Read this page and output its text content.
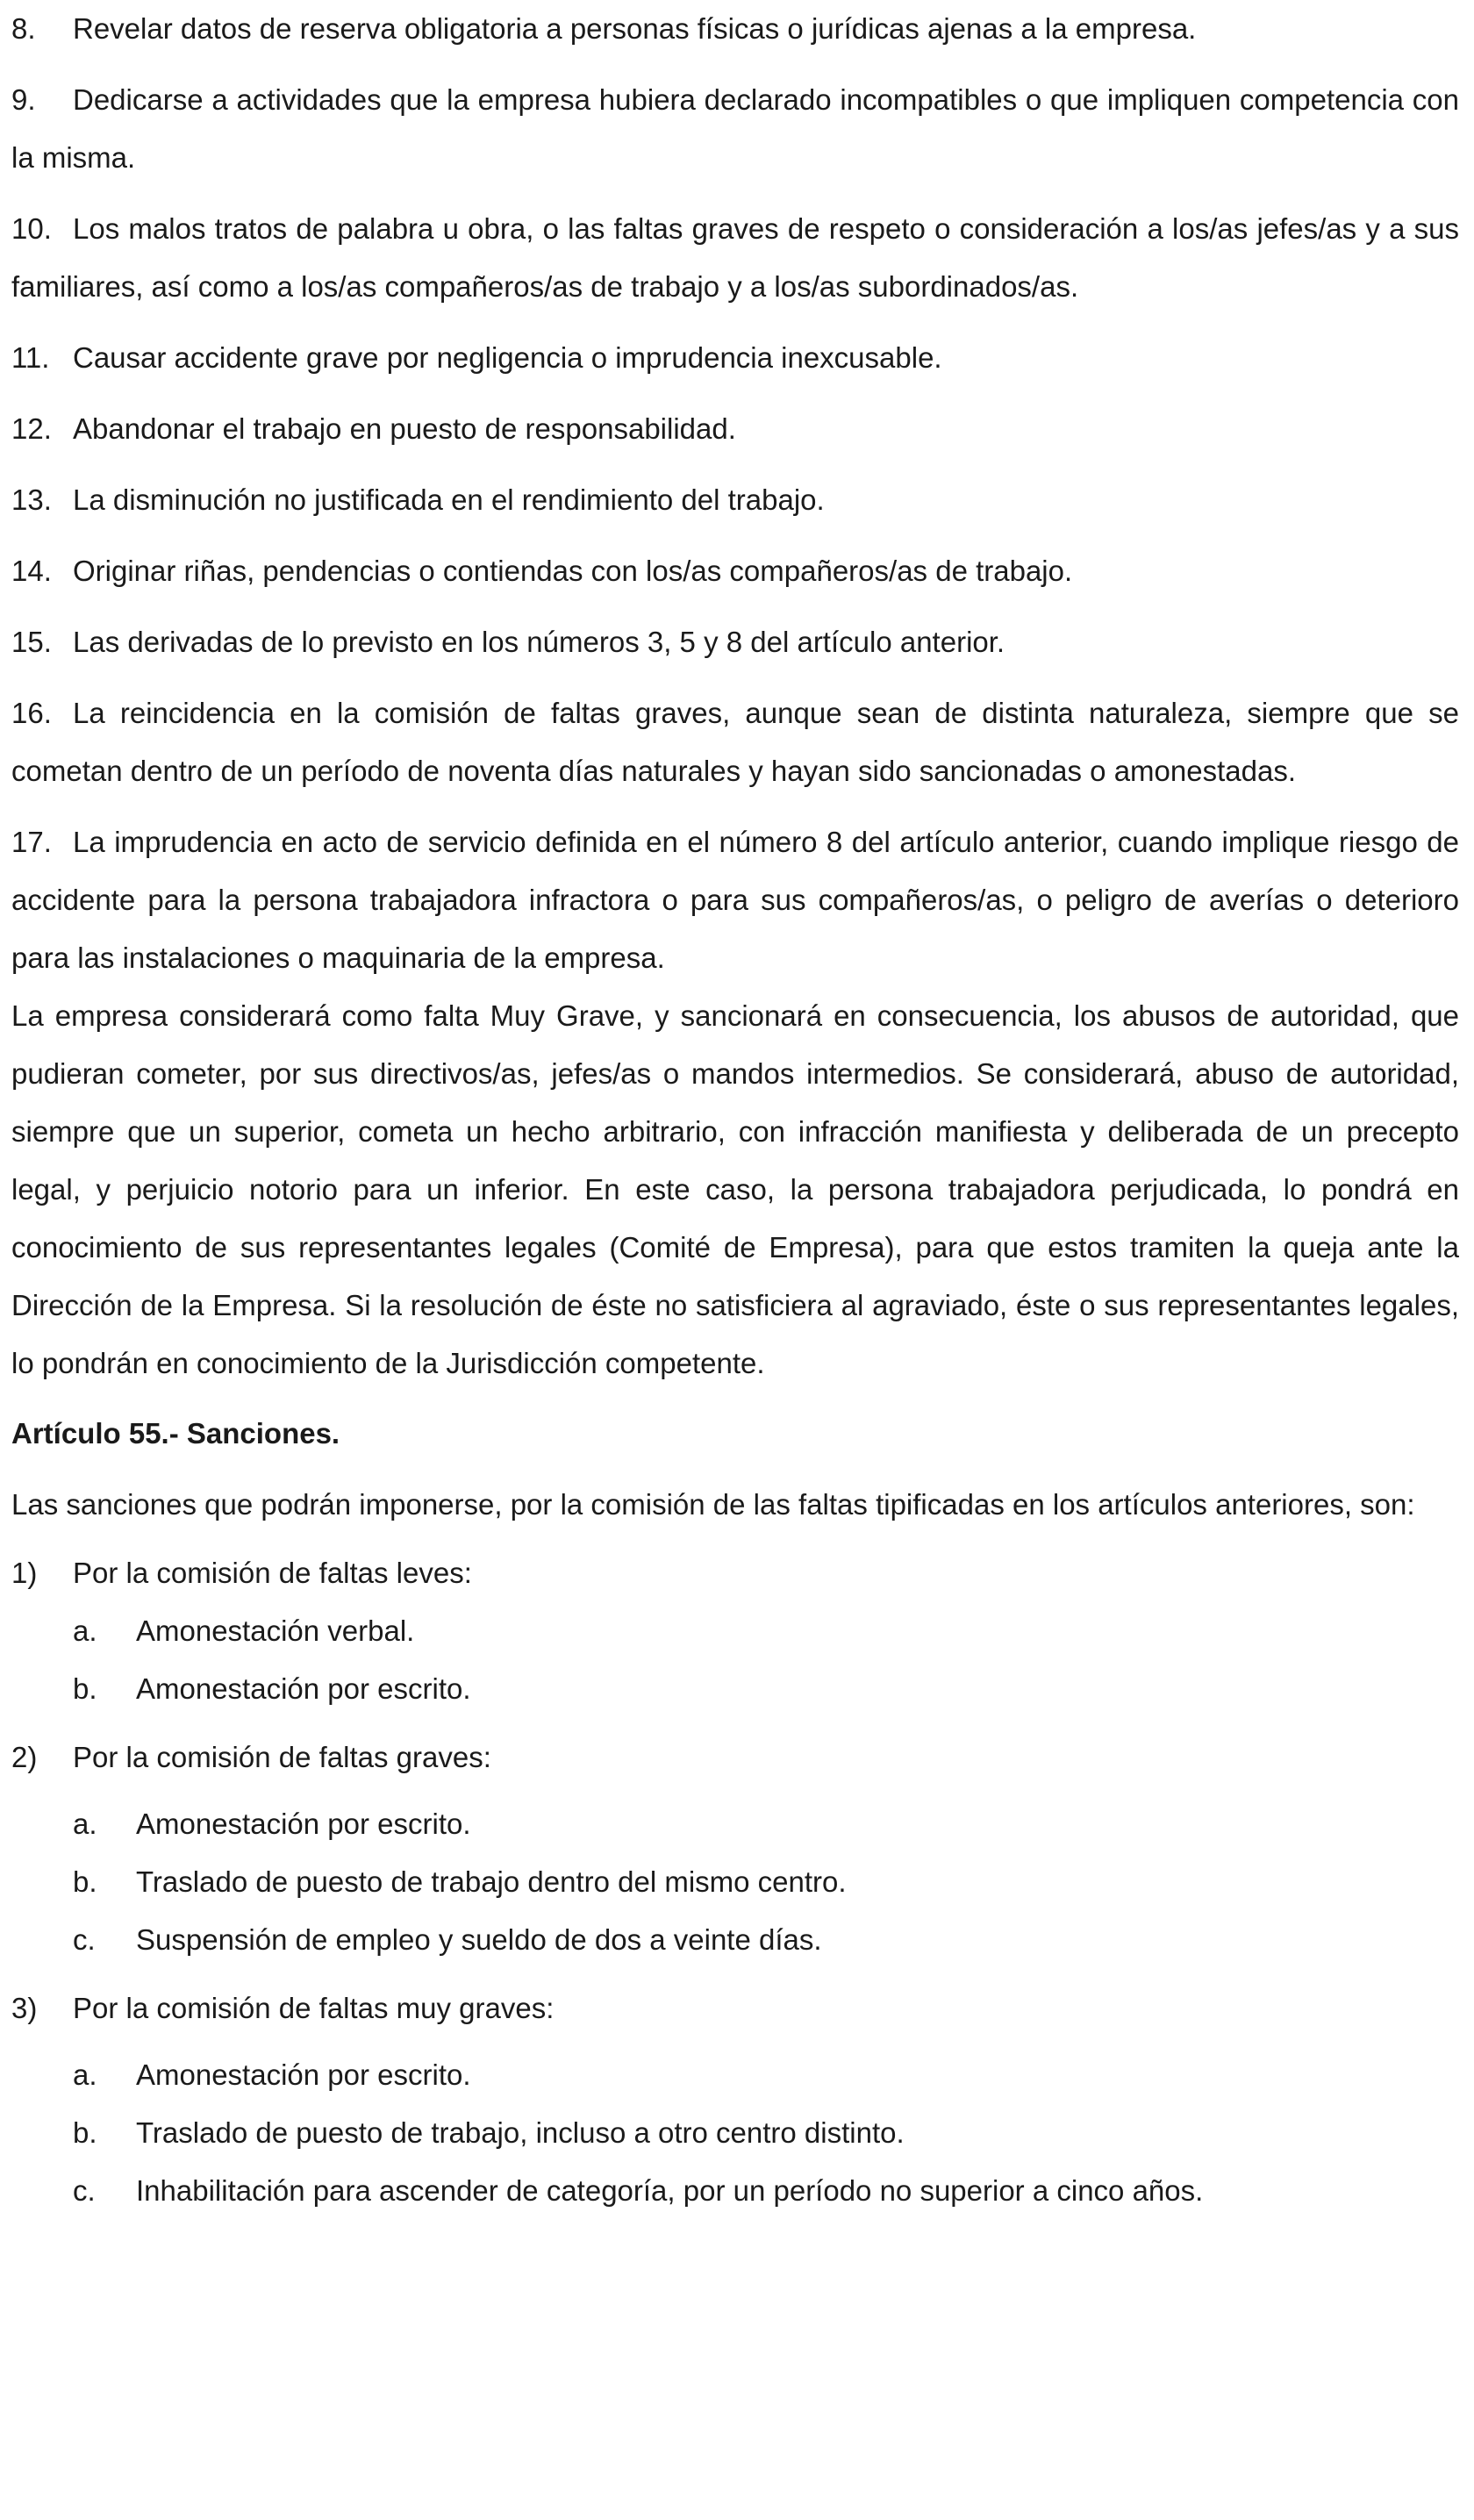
8. Revelar datos de reserva obligatoria a personas físicas o jurídicas ajenas a la empresa.

9. Dedicarse a actividades que la empresa hubiera declarado incompatibles o que impliquen competencia con la misma.

10. Los malos tratos de palabra u obra, o las faltas graves de respeto o consideración a los/as jefes/as y a sus familiares, así como a los/as compañeros/as de trabajo y a los/as subordinados/as.

11. Causar accidente grave por negligencia o imprudencia inexcusable.

12. Abandonar el trabajo en puesto de responsabilidad.

13. La disminución no justificada en el rendimiento del trabajo.

14. Originar riñas, pendencias o contiendas con los/as compañeros/as de trabajo.

15. Las derivadas de lo previsto en los números 3, 5 y 8 del artículo anterior.

16. La reincidencia en la comisión de faltas graves, aunque sean de distinta naturaleza, siempre que se cometan dentro de un período de noventa días naturales y hayan sido sancionadas o amonestadas.

17. La imprudencia en acto de servicio definida en el número 8 del artículo anterior, cuando implique riesgo de accidente para la persona trabajadora infractora o para sus compañeros/as, o peligro de averías o deterioro para las instalaciones o maquinaria de la empresa.

La empresa considerará como falta Muy Grave, y sancionará en consecuencia, los abusos de autoridad, que pudieran cometer, por sus directivos/as, jefes/as o mandos intermedios. Se considerará, abuso de autoridad, siempre que un superior, cometa un hecho arbitrario, con infracción manifiesta y deliberada de un precepto legal, y perjuicio notorio para un inferior. En este caso, la persona trabajadora perjudicada, lo pondrá en conocimiento de sus representantes legales (Comité de Empresa), para que estos tramiten la queja ante la Dirección de la Empresa. Si la resolución de éste no satisficiera al agraviado, éste o sus representantes legales, lo pondrán en conocimiento de la Jurisdicción competente.

Artículo 55.- Sanciones.

Las sanciones que podrán imponerse, por la comisión de las faltas tipificadas en los artículos anteriores, son:

1) Por la comisión de faltas leves:
a. Amonestación verbal.
b. Amonestación por escrito.
2) Por la comisión de faltas graves:
a. Amonestación por escrito.
b. Traslado de puesto de trabajo dentro del mismo centro.
c. Suspensión de empleo y sueldo de dos a veinte días.
3) Por la comisión de faltas muy graves:
a. Amonestación por escrito.
b. Traslado de puesto de trabajo, incluso a otro centro distinto.
c. Inhabilitación para ascender de categoría, por un período no superior a cinco años.
